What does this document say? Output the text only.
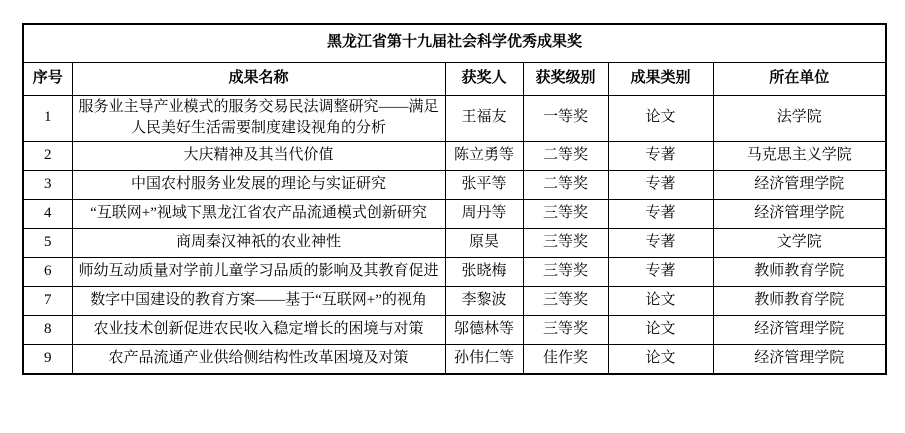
黑龙江省第十九届社会科学优秀成果奖					
序号	成果名称	获奖人	获奖级别	成果类别	所在单位
1	服务业主导产业模式的服务交易民法调整研究——满足人民美好生活需要制度建设视角的分析	王福友	一等奖	论文	法学院
2	大庆精神及其当代价值	陈立勇等	二等奖	专著	马克思主义学院
3	中国农村服务业发展的理论与实证研究	张平等	二等奖	专著	经济管理学院
4	“互联网+”视域下黑龙江省农产品流通模式创新研究	周丹等	三等奖	专著	经济管理学院
5	商周秦汉神祇的农业神性	原昊	三等奖	专著	文学院
6	师幼互动质量对学前儿童学习品质的影响及其教育促进	张晓梅	三等奖	专著	教师教育学院
7	数字中国建设的教育方案——基于“互联网+”的视角	李黎波	三等奖	论文	教师教育学院
8	农业技术创新促进农民收入稳定增长的困境与对策	邬德林等	三等奖	论文	经济管理学院
9	农产品流通产业供给侧结构性改革困境及对策	孙伟仁等	佳作奖	论文	经济管理学院
